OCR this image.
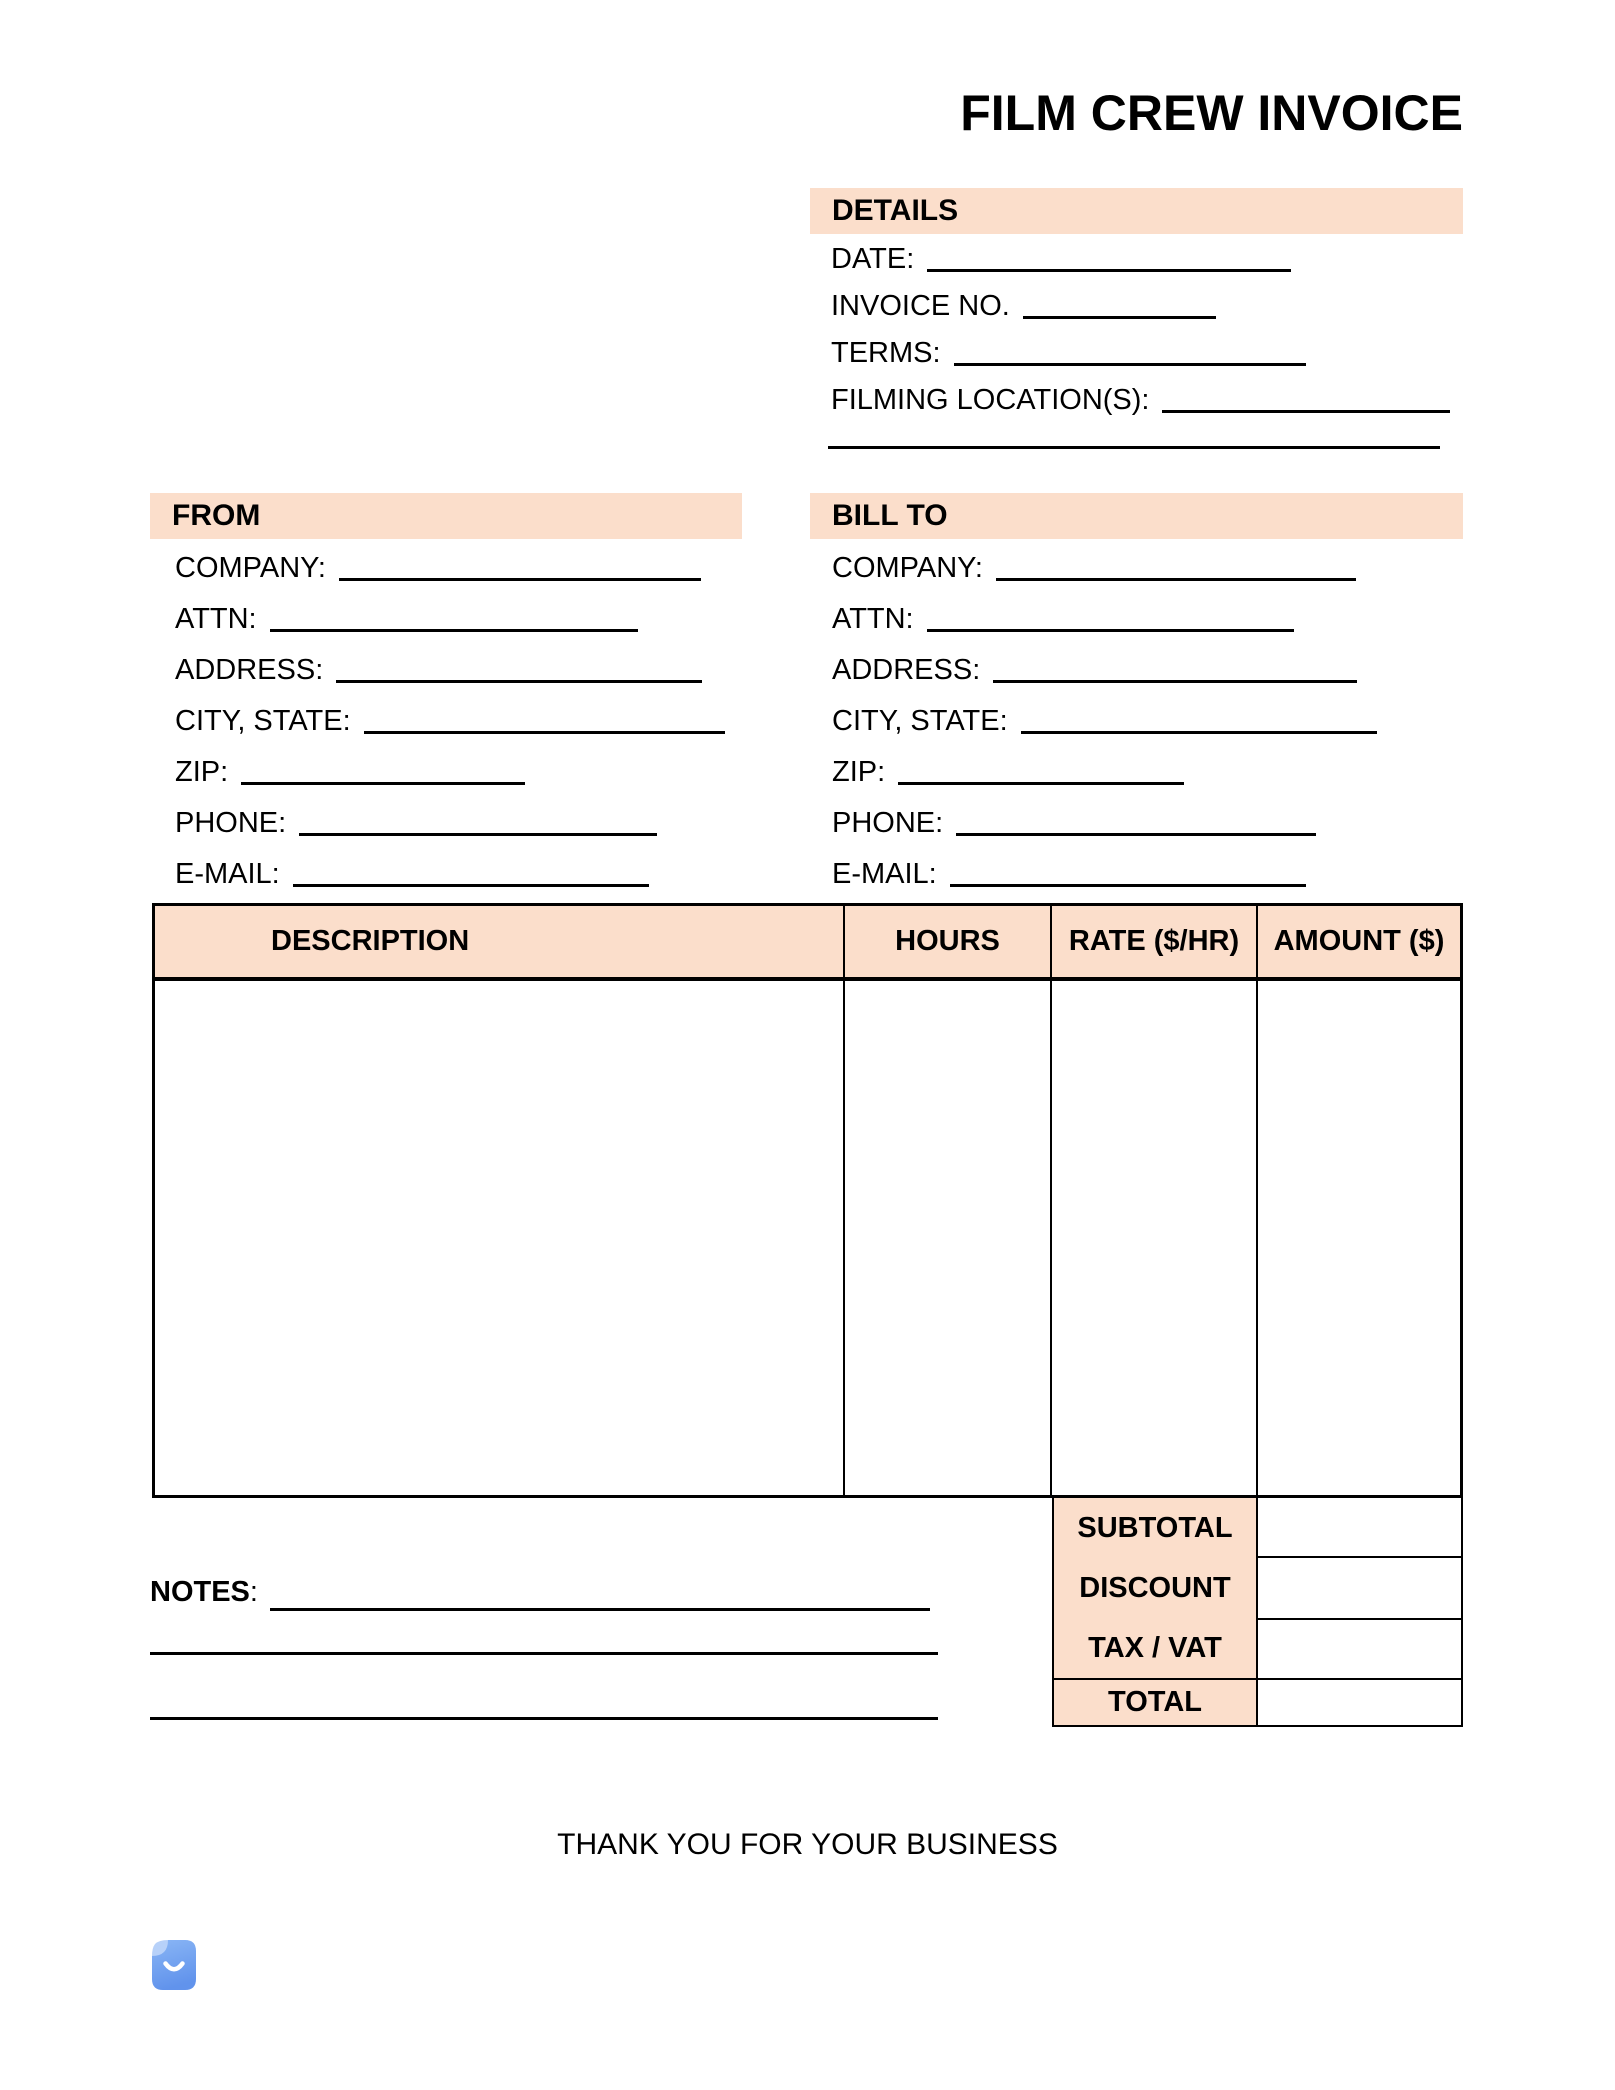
FILM CREW INVOICE
DETAILS
DATE:
INVOICE NO.
TERMS:
FILMING LOCATION(S):
FROM
COMPANY:
ATTN:
ADDRESS:
CITY, STATE:
ZIP:
PHONE:
E-MAIL:
BILL TO
COMPANY:
ATTN:
ADDRESS:
CITY, STATE:
ZIP:
PHONE:
E-MAIL:
DESCRIPTION	HOURS	RATE ($/HR)	AMOUNT ($)
SUBTOTAL
DISCOUNT
TAX / VAT
TOTAL
NOTES :
THANK YOU FOR YOUR BUSINESS
